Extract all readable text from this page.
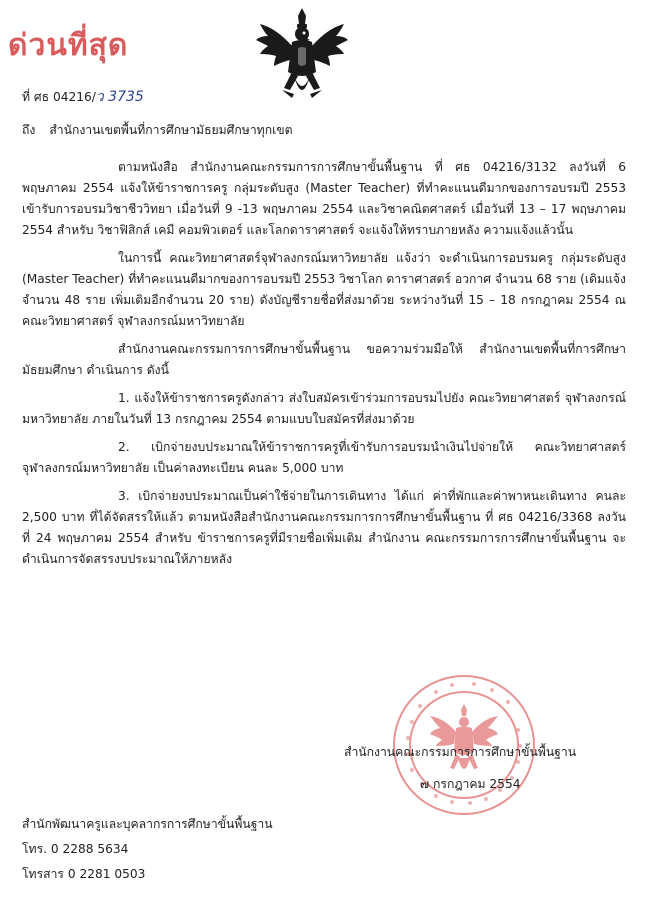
ด่วนที่สุด
ที่ ศธ 04216/ว 3735
ถึง สำนักงานเขตพื้นที่การศึกษามัธยมศึกษาทุกเขต

ตามหนังสือ สำนักงานคณะกรรมการการศึกษาขั้นพื้นฐาน ที่ ศธ 04216/3132 ลงวันที่ 6 พฤษภาคม 2554 แจ้งให้ข้าราชการครู กลุ่มระดับสูง (Master Teacher) ที่ทำคะแนนดีมากของการอบรมปี 2553 เข้ารับการอบรมวิชาชีววิทยา เมื่อวันที่ 9 -13 พฤษภาคม 2554 และวิชาคณิตศาสตร์ เมื่อวันที่ 13 – 17 พฤษภาคม 2554 สำหรับ วิชาฟิสิกส์ เคมี คอมพิวเตอร์ และโลกดาราศาสตร์ จะแจ้งให้ทราบภายหลัง ความแจ้งแล้วนั้น

ในการนี้ คณะวิทยาศาสตร์จุฬาลงกรณ์มหาวิทยาลัย แจ้งว่า จะดำเนินการอบรมครู กลุ่มระดับสูง (Master Teacher) ที่ทำคะแนนดีมากของการอบรมปี 2553 วิชาโลก ดาราศาสตร์ อวกาศ จำนวน 68 ราย (เดิมแจ้งจำนวน 48 ราย เพิ่มเติมอีกจำนวน 20 ราย) ดังบัญชีรายชื่อที่ส่งมาด้วย ระหว่างวันที่ 15 – 18 กรกฎาคม 2554 ณ คณะวิทยาศาสตร์ จุฬาลงกรณ์มหาวิทยาลัย

สำนักงานคณะกรรมการการศึกษาขั้นพื้นฐาน ขอความร่วมมือให้ สำนักงานเขตพื้นที่การศึกษามัธยมศึกษา ดำเนินการ ดังนี้

1. แจ้งให้ข้าราชการครูดังกล่าว ส่งใบสมัครเข้าร่วมการอบรมไปยัง คณะวิทยาศาสตร์ จุฬาลงกรณ์ มหาวิทยาลัย ภายในวันที่ 13 กรกฎาคม 2554 ตามแบบใบสมัครที่ส่งมาด้วย

2. เบิกจ่ายงบประมาณให้ข้าราชการครูที่เข้ารับการอบรมนำเงินไปจ่ายให้ คณะวิทยาศาสตร์ จุฬาลงกรณ์มหาวิทยาลัย เป็นค่าลงทะเบียน คนละ 5,000 บาท

3. เบิกจ่ายงบประมาณเป็นค่าใช้จ่ายในการเดินทาง ได้แก่ ค่าที่พักและค่าพาหนะเดินทาง คนละ 2,500 บาท ที่ได้จัดสรรให้แล้ว ตามหนังสือสำนักงานคณะกรรมการการศึกษาขั้นพื้นฐาน ที่ ศธ 04216/3368 ลงวันที่ 24 พฤษภาคม 2554 สำหรับ ข้าราชการครูที่มีรายชื่อเพิ่มเติม สำนักงาน คณะกรรมการการศึกษาขั้นพื้นฐาน จะดำเนินการจัดสรรงบประมาณให้ภายหลัง

สำนักงานคณะกรรมการการศึกษาขั้นพื้นฐาน
๗ กรกฎาคม 2554
สำนักพัฒนาครูและบุคลากรการศึกษาขั้นพื้นฐาน
โทร. 0 2288 5634
โทรสาร 0 2281 0503
